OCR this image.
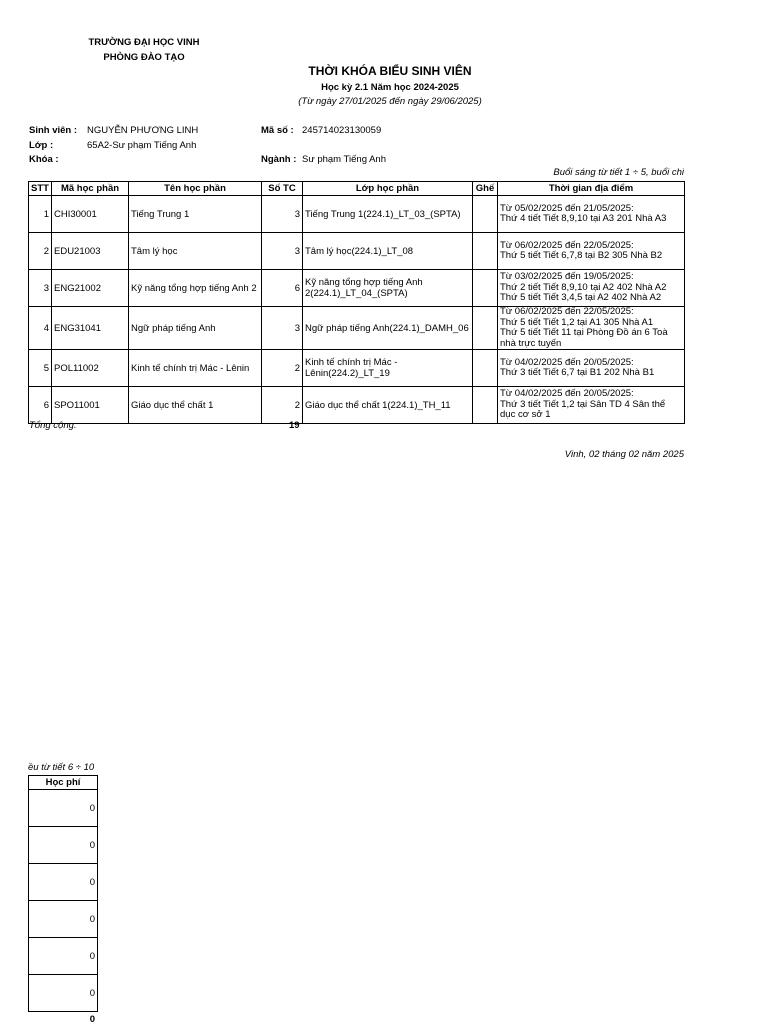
TRƯỜNG ĐẠI HỌC VINH
PHÒNG ĐÀO TẠO
THỜI KHÓA BIỂU SINH VIÊN
Học kỳ 2.1 Năm học 2024-2025
(Từ ngày 27/01/2025 đến ngày 29/06/2025)
Sinh viên : NGUYỄN PHƯƠNG LINH	Mã số : 245714023130059
Lớp :	65A2-Sư phạm Tiếng Anh
Khóa :	Ngành : Sư phạm Tiếng Anh
Buổi sáng từ tiết 1 ÷ 5, buổi chi
STT	Mã học phần	Tên học phần	Số TC	Lớp học phần	Ghế	Thời gian địa điểm
1	CHI30001	Tiếng Trung 1	3	Tiếng Trung 1(224.1)_LT_03_(SPTA)		Từ 05/02/2025 đến 21/05/2025:
Thứ 4 tiết Tiết 8,9,10 tại A3 201 Nhà A3
2	EDU21003	Tâm lý học	3	Tâm lý học(224.1)_LT_08		Từ 06/02/2025 đến 22/05/2025:
Thứ 5 tiết Tiết 6,7,8 tại B2 305 Nhà B2
3	ENG21002	Kỹ năng tổng hợp tiếng Anh 2	6	Kỹ năng tổng hợp tiếng Anh 2(224.1)_LT_04_(SPTA)		Từ 03/02/2025 đến 19/05/2025:
Thứ 2 tiết Tiết 8,9,10 tại A2 402 Nhà A2
Thứ 5 tiết Tiết 3,4,5 tại A2 402 Nhà A2
4	ENG31041	Ngữ pháp tiếng Anh	3	Ngữ pháp tiếng Anh(224.1)_DAMH_06		Từ 06/02/2025 đến 22/05/2025:
Thứ 5 tiết Tiết 1,2 tại A1 305 Nhà A1
Thứ 5 tiết Tiết 11 tại Phòng Đồ án 6 Toà nhà trực tuyến
5	POL11002	Kinh tế chính trị Mác - Lênin	2	Kinh tế chính trị Mác - Lênin(224.2)_LT_19		Từ 04/02/2025 đến 20/05/2025:
Thứ 3 tiết Tiết 6,7 tại B1 202 Nhà B1
6	SPO11001	Giáo dục thể chất 1	2	Giáo dục thể chất 1(224.1)_TH_11		Từ 04/02/2025 đến 20/05/2025:
Thứ 3 tiết Tiết 1,2 tại Sân TD 4 Sân thể dục cơ sở 1
Tổng cộng:	19
Vinh, 02 tháng 02 năm 2025
ều từ tiết 6 ÷ 10
Học phí
0
0
0
0
0
0
0
